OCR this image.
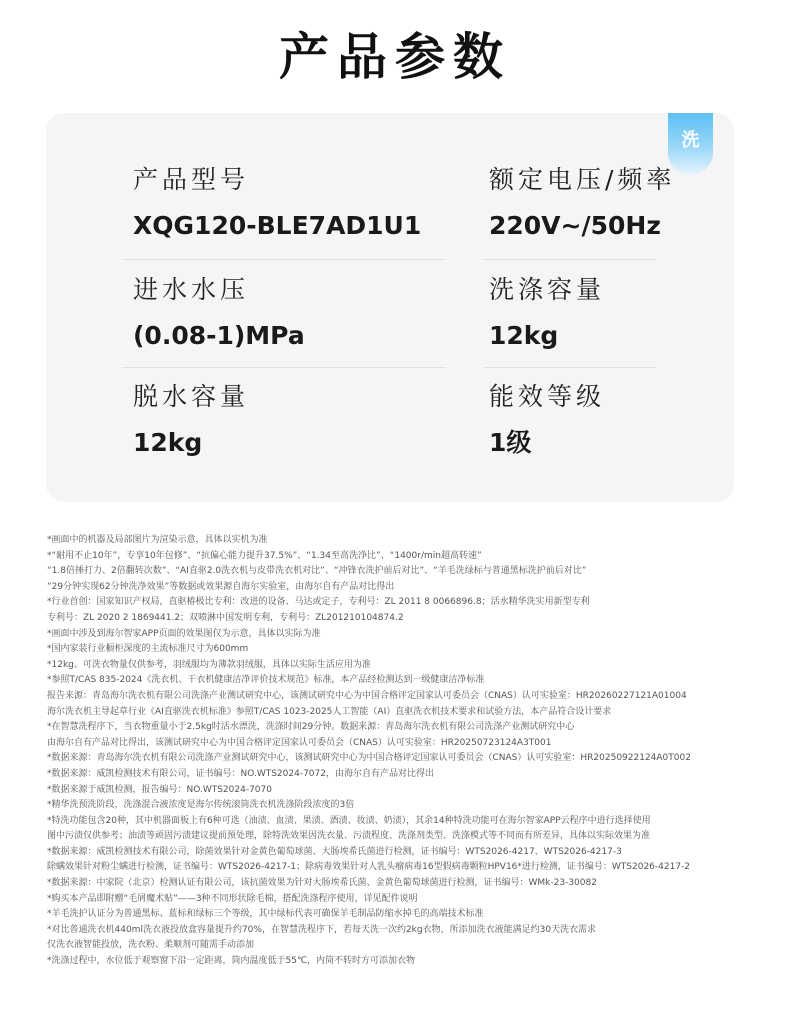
产品参数
洗
产品型号
XQG120-BLE7AD1U1
额定电压/频率
220V~/50Hz
进水水压
(0.08-1)MPa
洗涤容量
12kg
脱水容量
12kg
能效等级
1级
*画面中的机器及局部图片为渲染示意，具体以实机为准
*“耐用不止10年”，专享10年包修”、“抗偏心能力提升37.5%”、“1.34至高洗净比”、“1400r/min超高转速”
“1.8倍捶打力、2倍翻转次数”、“AI直驱2.0洗衣机与皮带洗衣机对比”、“冲锋衣洗护前后对比”、“羊毛洗绿标与普通黑标洗护前后对比”
“29分钟实现62分钟洗净效果”等数据或效果源自海尔实验室，由海尔自有产品对比得出
*行业首创：国家知识产权局，直驱椿极比专利：改进的设备、马达或定子，专利号：ZL 2011 8 0066896.8；活水精华洗实用新型专利
专利号：ZL 2020 2 1869441.2；双喷淋中国发明专利，专利号：ZL201210104874.2
*画面中涉及到海尔智家APP页面的效果图仅为示意，具体以实际为准
*国内家装行业橱柜深度的主流标准尺寸为600mm
*12kg、可洗衣物量仅供参考，羽绒服均为薄款羽绒服，具体以实际生活应用为准
*参照T/CAS 835-2024《洗衣机、干衣机健康洁净评价技术规范》标准，本产品经检测达到一级健康洁净标准
报告来源：青岛海尔洗衣机有限公司洗涤产业测试研究中心，该测试研究中心为中国合格评定国家认可委员会（CNAS）认可实验室：HR20260227121A01004
海尔洗衣机主导起草行业《AI直驱洗衣机标准》参照T/CAS 1023-2025人工智能（AI）直驱洗衣机技术要求和试验方法，本产品符合设计要求
*在智慧洗程序下，当衣物重量小于2.5kg时活水漂洗，洗涤时间29分钟。数据来源：青岛海尔洗衣机有限公司洗涤产业测试研究中心
由海尔自有产品对比得出，该测试研究中心为中国合格评定国家认可委员会（CNAS）认可实验室：HR20250723124A3T001
*数据来源：青岛海尔洗衣机有限公司洗涤产业测试研究中心，该测试研究中心为中国合格评定国家认可委员会（CNAS）认可实验室：HR20250922124A0T002
*数据来源：威凯检测技术有限公司，证书编号：NO.WTS2024-7072，由海尔自有产品对比得出
*数据来源于威凯检测，报告编号：NO.WTS2024-7070
*精华洗预洗阶段，洗涤混合液浓度是海尔传统滚筒洗衣机洗涤阶段浓度的3倍
*特洗功能包含20种，其中机器面板上有6种可选（油渍、血渍、果渍、酒渍、妆渍、奶渍），其余14种特洗功能可在海尔智家APP云程序中进行选择使用
图中污渍仅供参考；油渍等顽固污渍建议提前预处理，除特洗效果因洗衣量、污渍程度、洗涤剂类型、洗涤模式等不同而有所差异，具体以实际效果为准
*数据来源：威凯检测技术有限公司，除菌效果针对金黄色葡萄球菌、大肠埃希氏菌进行检测，证书编号：WTS2026-4217、WTS2026-4217-3
除螨效果针对粉尘螨进行检测，证书编号：WTS2026-4217-1；除病毒效果针对人乳头瘤病毒16型假病毒颗粒HPV16*进行检测，证书编号：WTS2026-4217-2
*数据来源：中家院（北京）检测认证有限公司，该抗菌效果为针对大肠埃希氏菌、金黄色葡萄球菌进行检测，证书编号：WMk-23-30082
*购买本产品即附赠“毛屑魔术贴”——3种不同形状除毛棉，搭配洗涤程序使用，详见配件说明
*羊毛洗护认证分为普通黑标、蓝标和绿标三个等级，其中绿标代表可确保羊毛制品防缩水掉毛的高端技术标准
*对比普通洗衣机440ml洗衣液投放盒容量提升约70%，在智慧洗程序下，若每天洗一次约2kg衣物，所添加洗衣液能满足约30天洗衣需求
仅洗衣液智能投放，洗衣粉、柔顺剂可随需手动添加
*洗涤过程中，水位低于观察窗下沿一定距离，筒内温度低于55℃，内筒不转时方可添加衣物
